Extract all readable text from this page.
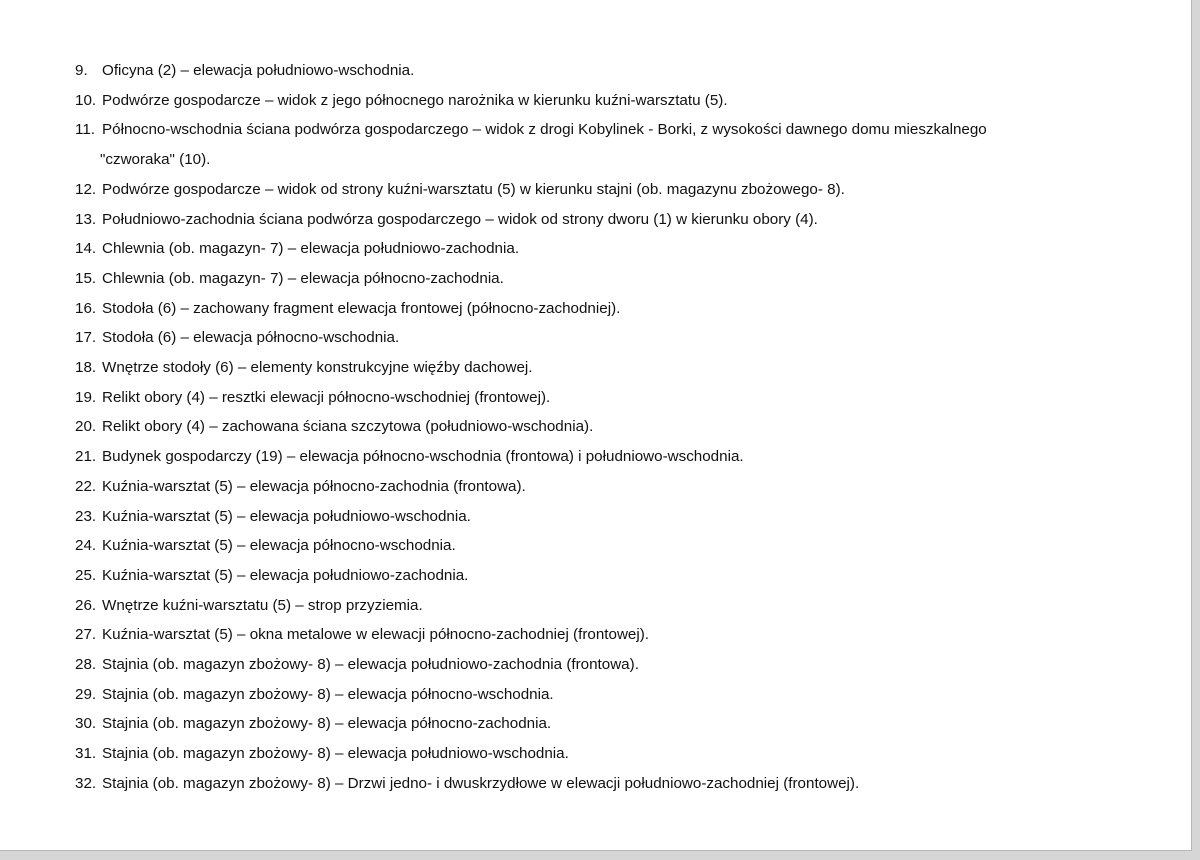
9. Oficyna (2) – elewacja południowo-wschodnia.
10. Podwórze gospodarcze – widok z jego północnego narożnika w kierunku kuźni-warsztatu (5).
11. Północno-wschodnia ściana podwórza gospodarczego – widok z drogi Kobylinek - Borki, z wysokości dawnego domu mieszkalnego
"czworaka" (10).
12. Podwórze gospodarcze – widok od strony kuźni-warsztatu (5) w kierunku stajni (ob. magazynu zbożowego- 8).
13. Południowo-zachodnia ściana podwórza gospodarczego – widok od strony dworu (1) w kierunku obory (4).
14. Chlewnia (ob. magazyn- 7) – elewacja południowo-zachodnia.
15. Chlewnia (ob. magazyn- 7) – elewacja północno-zachodnia.
16. Stodoła (6) – zachowany fragment elewacja frontowej (północno-zachodniej).
17. Stodoła (6) – elewacja północno-wschodnia.
18. Wnętrze stodoły (6) – elementy konstrukcyjne więźby dachowej.
19. Relikt obory (4) – resztki elewacji północno-wschodniej (frontowej).
20. Relikt obory (4) – zachowana ściana szczytowa (południowo-wschodnia).
21. Budynek gospodarczy (19) – elewacja północno-wschodnia (frontowa) i południowo-wschodnia.
22. Kuźnia-warsztat (5) – elewacja północno-zachodnia (frontowa).
23. Kuźnia-warsztat (5) – elewacja południowo-wschodnia.
24. Kuźnia-warsztat (5) – elewacja północno-wschodnia.
25. Kuźnia-warsztat (5) – elewacja południowo-zachodnia.
26. Wnętrze kuźni-warsztatu (5) – strop przyziemia.
27. Kuźnia-warsztat (5) – okna metalowe w elewacji północno-zachodniej (frontowej).
28. Stajnia (ob. magazyn zbożowy- 8) – elewacja południowo-zachodnia (frontowa).
29. Stajnia (ob. magazyn zbożowy- 8) – elewacja północno-wschodnia.
30. Stajnia (ob. magazyn zbożowy- 8) – elewacja północno-zachodnia.
31. Stajnia (ob. magazyn zbożowy- 8) – elewacja południowo-wschodnia.
32. Stajnia (ob. magazyn zbożowy- 8) – Drzwi jedno- i dwuskrzydłowe w elewacji południowo-zachodniej (frontowej).
